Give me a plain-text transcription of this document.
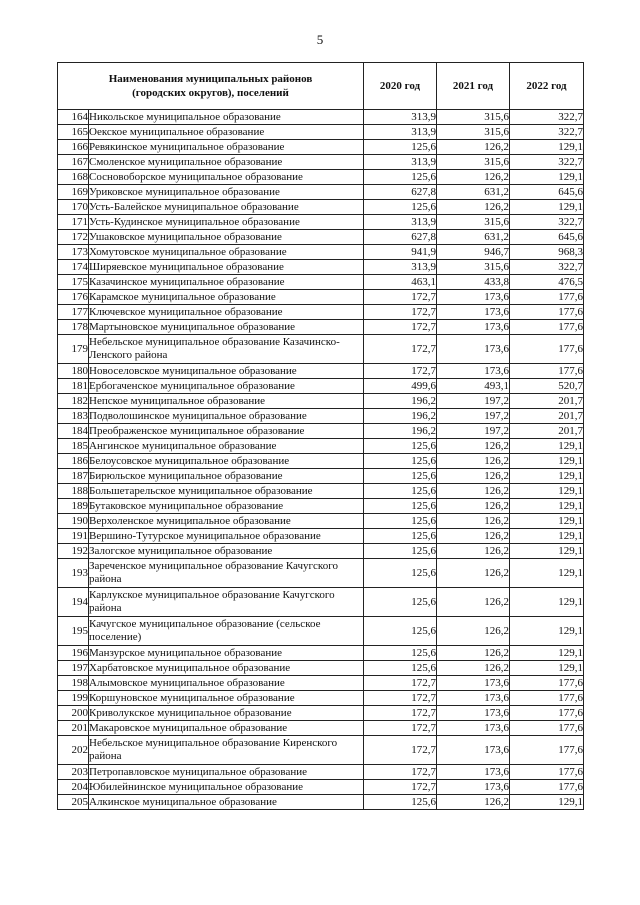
5
Наименования муниципальных районов
(городских округов), поселений		2020 год	2021 год	2022 год
164	Никольское муниципальное образование	313,9	315,6	322,7
165	Оекское муниципальное образование	313,9	315,6	322,7
166	Ревякинское муниципальное образование	125,6	126,2	129,1
167	Смоленское муниципальное образование	313,9	315,6	322,7
168	Сосновоборское муниципальное образование	125,6	126,2	129,1
169	Уриковское муниципальное образование	627,8	631,2	645,6
170	Усть-Балейское муниципальное образование	125,6	126,2	129,1
171	Усть-Кудинское муниципальное образование	313,9	315,6	322,7
172	Ушаковское муниципальное образование	627,8	631,2	645,6
173	Хомутовское муниципальное образование	941,9	946,7	968,3
174	Ширяевское муниципальное образование	313,9	315,6	322,7
175	Казачинское муниципальное образование	463,1	433,8	476,5
176	Карамское муниципальное образование	172,7	173,6	177,6
177	Ключевское муниципальное образование	172,7	173,6	177,6
178	Мартыновское муниципальное образование	172,7	173,6	177,6
179	Небельское муниципальное образование Казачинско-Ленского района	172,7	173,6	177,6
180	Новоселовское муниципальное образование	172,7	173,6	177,6
181	Ербогаченское муниципальное образование	499,6	493,1	520,7
182	Непское муниципальное образование	196,2	197,2	201,7
183	Подволошинское муниципальное образование	196,2	197,2	201,7
184	Преображенское муниципальное образование	196,2	197,2	201,7
185	Ангинское муниципальное образование	125,6	126,2	129,1
186	Белоусовское муниципальное образование	125,6	126,2	129,1
187	Бирюльское муниципальное образование	125,6	126,2	129,1
188	Большетарельское муниципальное образование	125,6	126,2	129,1
189	Бутаковское муниципальное образование	125,6	126,2	129,1
190	Верхоленское муниципальное образование	125,6	126,2	129,1
191	Вершино-Тутурское муниципальное образование	125,6	126,2	129,1
192	Залогское муниципальное образование	125,6	126,2	129,1
193	Зареченское муниципальное образование Качугского района	125,6	126,2	129,1
194	Карлукское муниципальное образование Качугского района	125,6	126,2	129,1
195	Качугское муниципальное образование (сельское поселение)	125,6	126,2	129,1
196	Манзурское муниципальное образование	125,6	126,2	129,1
197	Харбатовское муниципальное образование	125,6	126,2	129,1
198	Алымовское муниципальное образование	172,7	173,6	177,6
199	Коршуновское муниципальное образование	172,7	173,6	177,6
200	Криволукское муниципальное образование	172,7	173,6	177,6
201	Макаровское муниципальное образование	172,7	173,6	177,6
202	Небельское муниципальное образование Киренского района	172,7	173,6	177,6
203	Петропавловское муниципальное образование	172,7	173,6	177,6
204	Юбилейнинское муниципальное образование	172,7	173,6	177,6
205	Алкинское муниципальное образование	125,6	126,2	129,1
